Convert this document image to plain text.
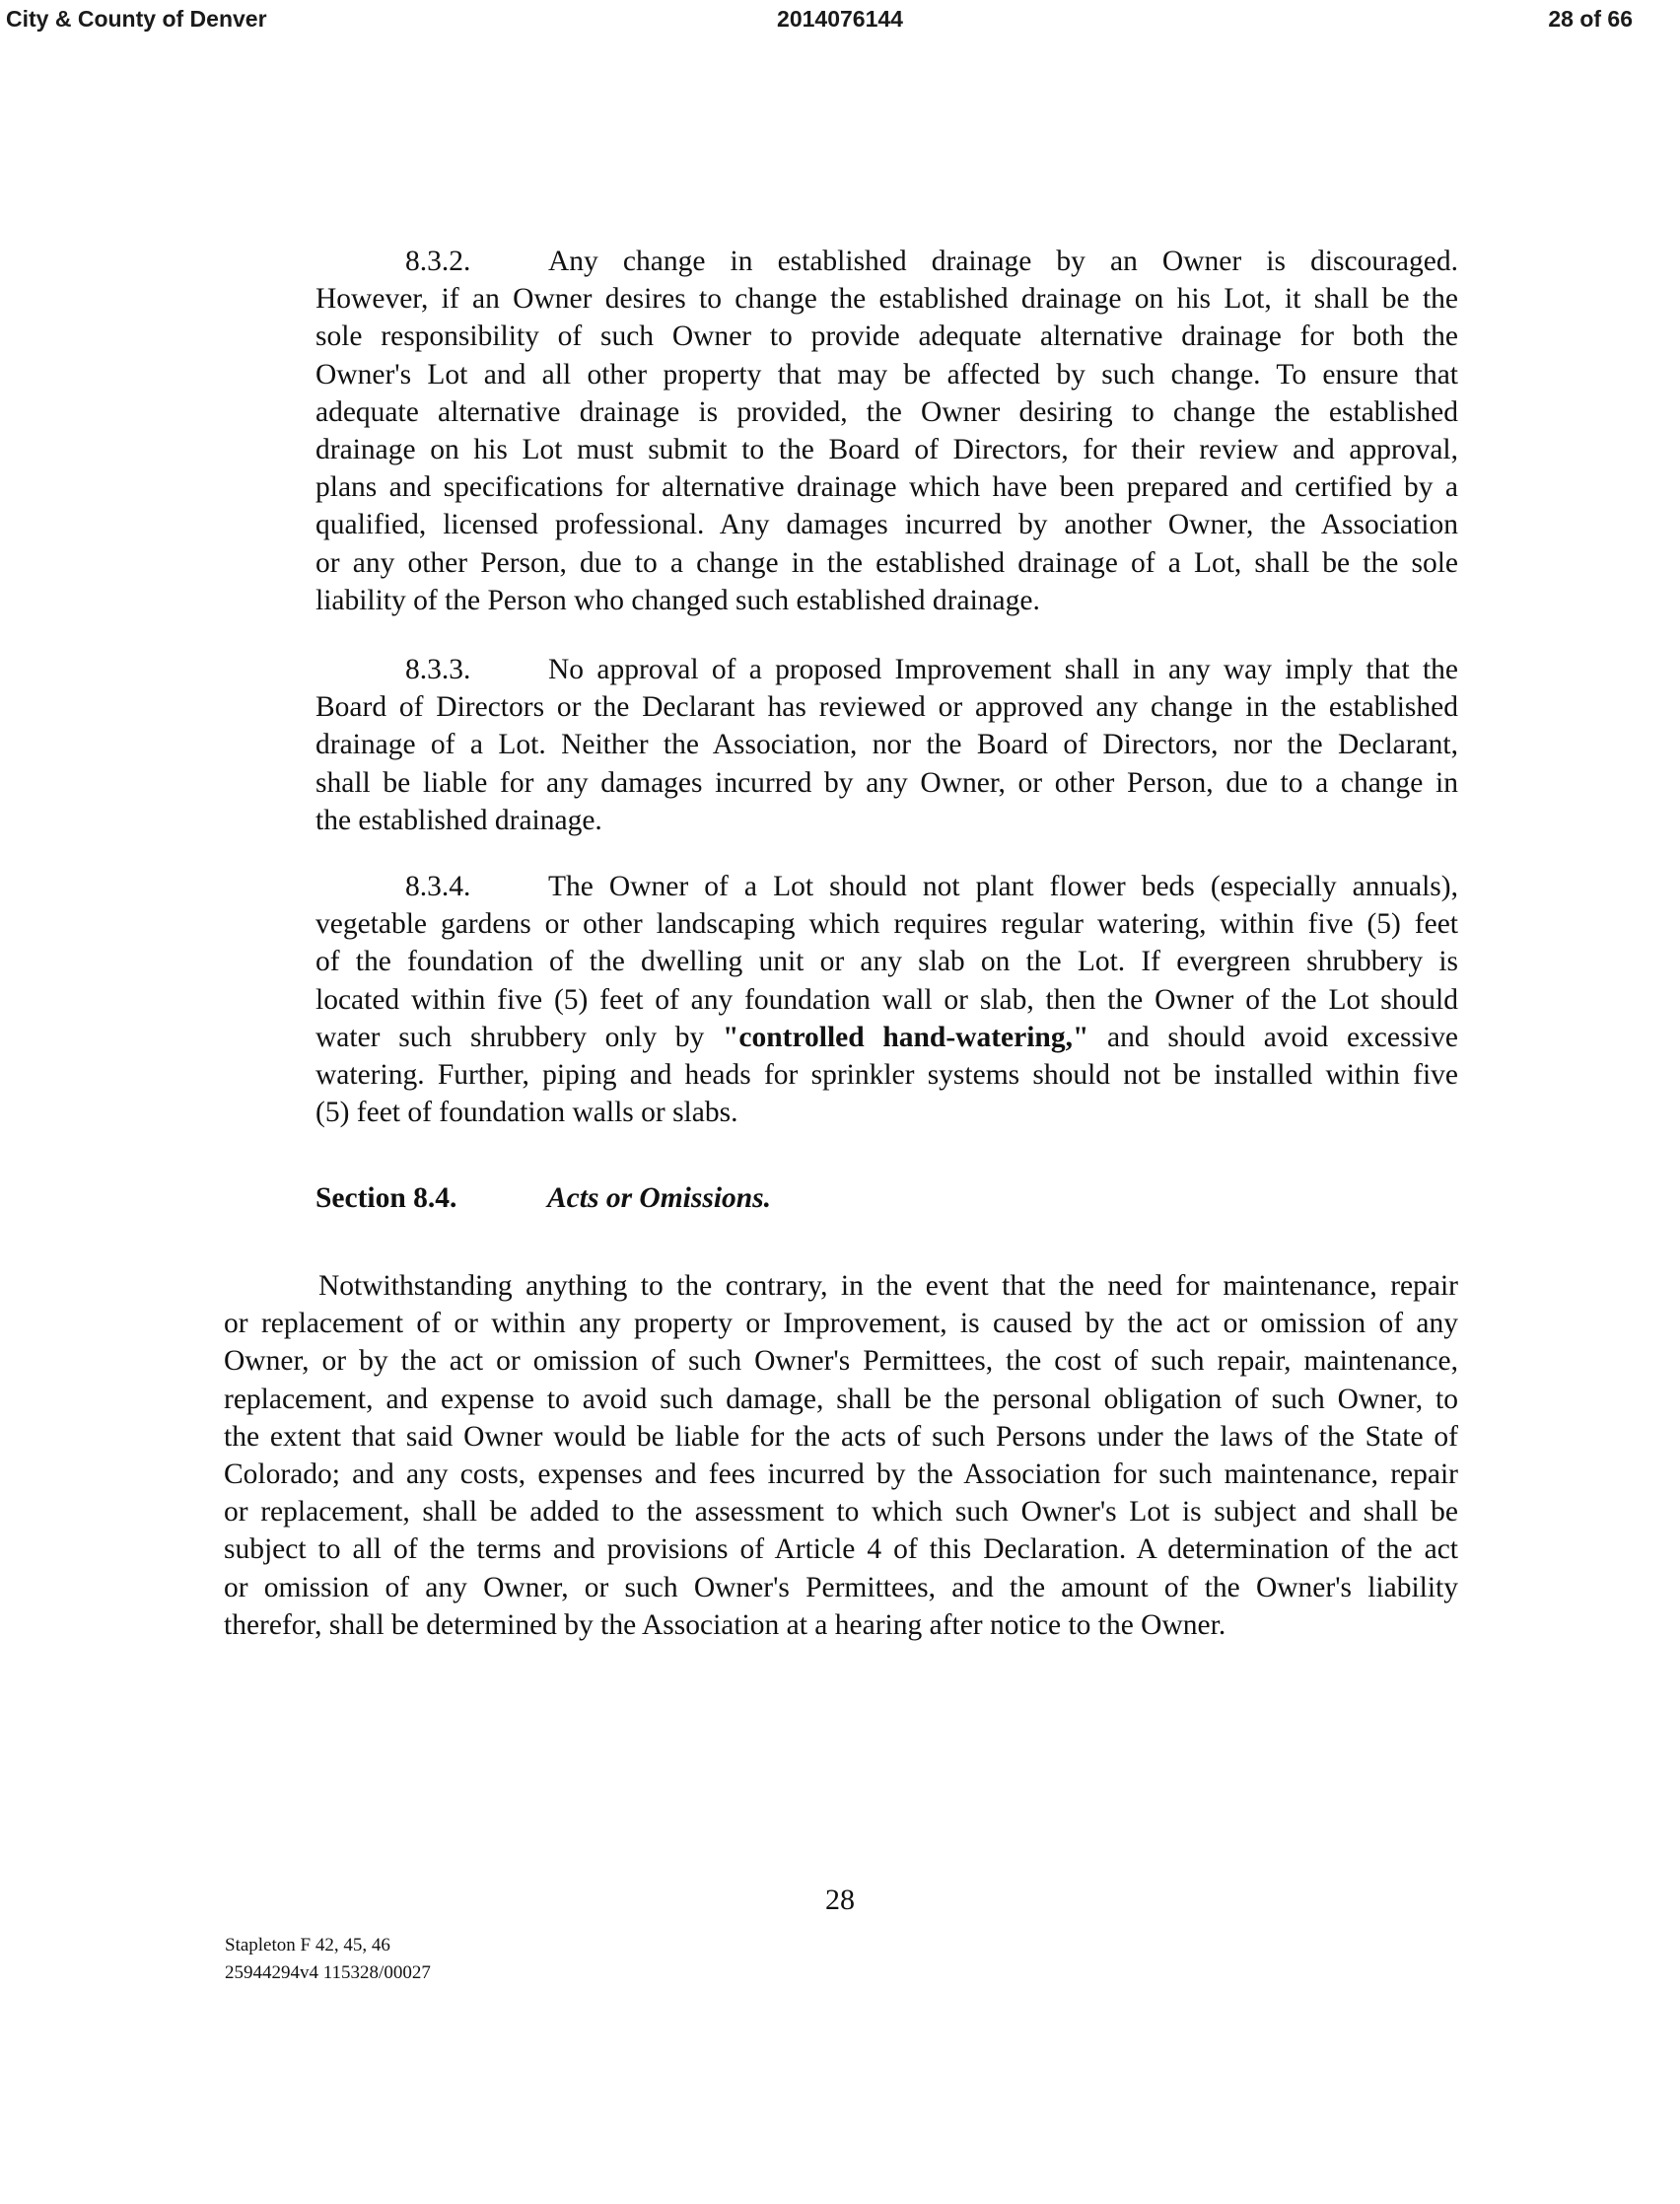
City & County of Denver	2014076144	28 of 66
8.3.2.	Any change in established drainage by an Owner is discouraged.
However, if an Owner desires to change the established drainage on his Lot, it shall be the
sole responsibility of such Owner to provide adequate alternative drainage for both the
Owner's Lot and all other property that may be affected by such change. To ensure that
adequate alternative drainage is provided, the Owner desiring to change the established
drainage on his Lot must submit to the Board of Directors, for their review and approval,
plans and specifications for alternative drainage which have been prepared and certified by a
qualified, licensed professional. Any damages incurred by another Owner, the Association
or any other Person, due to a change in the established drainage of a Lot, shall be the sole
liability of the Person who changed such established drainage.
8.3.3.	No approval of a proposed Improvement shall in any way imply that the
Board of Directors or the Declarant has reviewed or approved any change in the established
drainage of a Lot. Neither the Association, nor the Board of Directors, nor the Declarant,
shall be liable for any damages incurred by any Owner, or other Person, due to a change in
the established drainage.
8.3.4.	The Owner of a Lot should not plant flower beds (especially annuals),
vegetable gardens or other landscaping which requires regular watering, within five (5) feet
of the foundation of the dwelling unit or any slab on the Lot. If evergreen shrubbery is
located within five (5) feet of any foundation wall or slab, then the Owner of the Lot should
water such shrubbery only by "controlled hand-watering," and should avoid excessive
watering. Further, piping and heads for sprinkler systems should not be installed within five
(5) feet of foundation walls or slabs.
Section 8.4.	Acts or Omissions.
Notwithstanding anything to the contrary, in the event that the need for maintenance, repair
or replacement of or within any property or Improvement, is caused by the act or omission of any
Owner, or by the act or omission of such Owner's Permittees, the cost of such repair, maintenance,
replacement, and expense to avoid such damage, shall be the personal obligation of such Owner, to
the extent that said Owner would be liable for the acts of such Persons under the laws of the State of
Colorado; and any costs, expenses and fees incurred by the Association for such maintenance, repair
or replacement, shall be added to the assessment to which such Owner's Lot is subject and shall be
subject to all of the terms and provisions of Article 4 of this Declaration. A determination of the act
or omission of any Owner, or such Owner's Permittees, and the amount of the Owner's liability
therefor, shall be determined by the Association at a hearing after notice to the Owner.
28
Stapleton F 42, 45, 46
25944294v4 115328/00027
